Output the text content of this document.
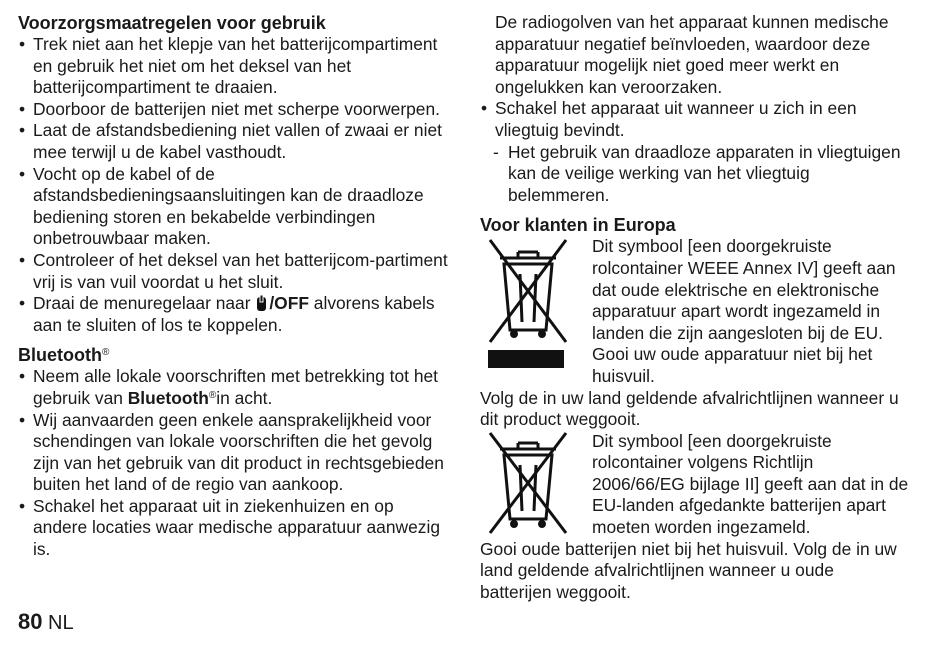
Voorzorgsmaatregelen voor gebruik
• Trek niet aan het klepje van het batterijcompartiment en gebruik het niet om het deksel van het batterijcompartiment te draaien.
• Doorboor de batterijen niet met scherpe voorwerpen.
• Laat de afstandsbediening niet vallen of zwaai er niet mee terwijl u de kabel vasthoudt.
• Vocht op de kabel of de afstandsbedieningsaansluitingen kan de draadloze bediening storen en bekabelde verbindingen onbetrouwbaar maken.
• Controleer of het deksel van het batterijcom-partiment vrij is van vuil voordat u het sluit.
• Draai de menuregelaar naar /OFF alvorens kabels aan te sluiten of los te koppelen.
Bluetooth®
• Neem alle lokale voorschriften met betrekking tot het gebruik van Bluetooth®in acht.
• Wij aanvaarden geen enkele aansprakelijkheid voor schendingen van lokale voorschriften die het gevolg zijn van het gebruik van dit product in rechtsgebieden buiten het land of de regio van aankoop.
• Schakel het apparaat uit in ziekenhuizen en op andere locaties waar medische apparatuur aanwezig is.

De radiogolven van het apparaat kunnen medische apparatuur negatief beïnvloeden, waardoor deze apparatuur mogelijk niet goed meer werkt en ongelukken kan veroorzaken.

• Schakel het apparaat uit wanneer u zich in een vliegtuig bevindt.
- Het gebruik van draadloze apparaten in vliegtuigen kan de veilige werking van het vliegtuig belemmeren.
Voor klanten in Europa
Dit symbool [een doorgekruiste rolcontainer WEEE Annex IV] geeft aan dat oude elektrische en elektronische apparatuur apart wordt ingezameld in landen die zijn aangesloten bij de EU. Gooi uw oude apparatuur niet bij het huisvuil.

Volg de in uw land geldende afvalrichtlijnen wanneer u dit product weggooit.

Dit symbool [een doorgekruiste rolcontainer volgens Richtlijn 2006/66/EG bijlage II] geeft aan dat in de EU-landen afgedankte batterijen apart moeten worden ingezameld.

Gooi oude batterijen niet bij het huisvuil. Volg de in uw land geldende afvalrichtlijnen wanneer u oude batterijen weggooit.

80 NL
